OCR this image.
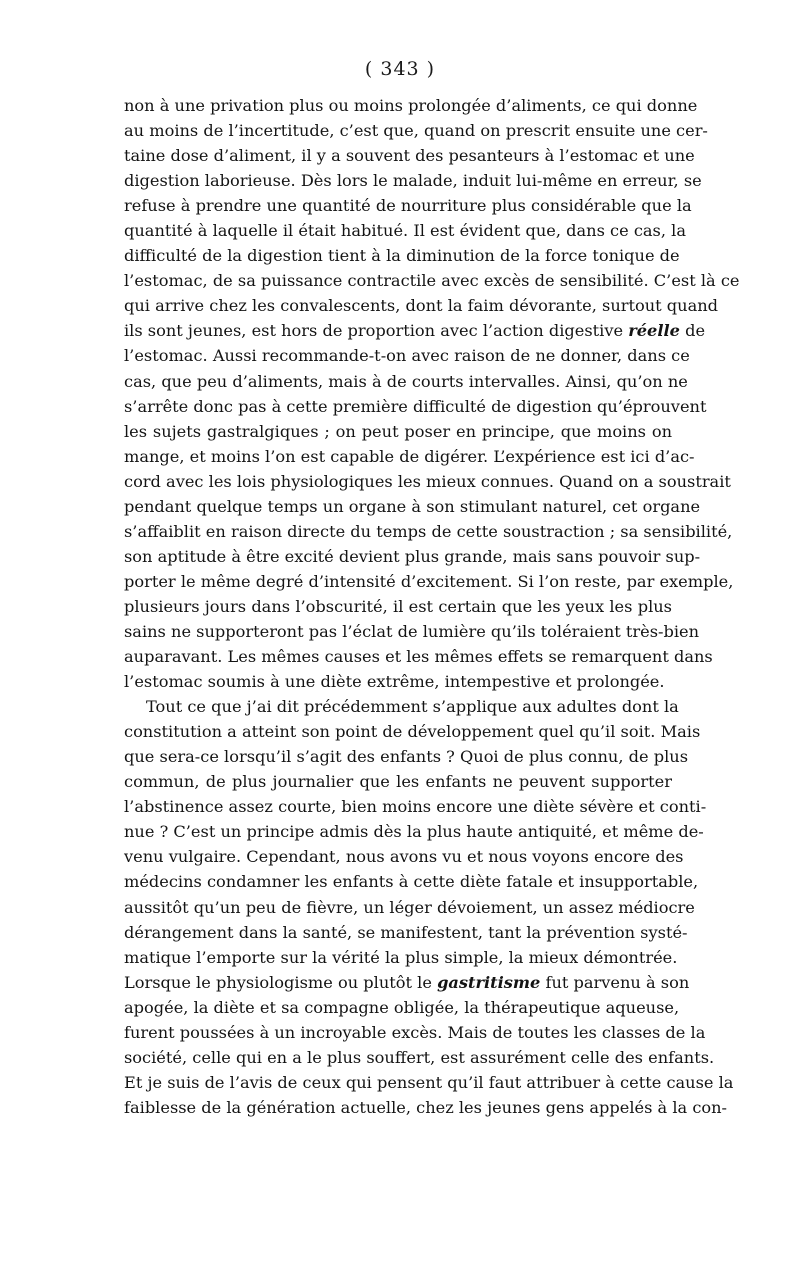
( 343 )
non à une privation plus ou moins prolongée d’aliments, ce qui donne
au moins de l’incertitude, c’est que, quand on prescrit ensuite une cer-
taine dose d’aliment, il y a souvent des pesanteurs à l’estomac et une
digestion laborieuse. Dès lors le malade, induit lui-même en erreur, se
refuse à prendre une quantité de nourriture plus considérable que la
quantité à laquelle il était habitué. Il est évident que, dans ce cas, la
difficulté de la digestion tient à la diminution de la force tonique de
l’estomac, de sa puissance contractile avec excès de sensibilité. C’est là ce
qui arrive chez les convalescents, dont la faim dévorante, surtout quand
ils sont jeunes, est hors de proportion avec l’action digestive réelle de
l’estomac. Aussi recommande-t-on avec raison de ne donner, dans ce
cas, que peu d’aliments, mais à de courts intervalles. Ainsi, qu’on ne
s’arrête donc pas à cette première difficulté de digestion qu’éprouvent
les sujets gastralgiques ; on peut poser en principe, que moins on
mange, et moins l’on est capable de digérer. L’expérience est ici d’ac-
cord avec les lois physiologiques les mieux connues. Quand on a soustrait
pendant quelque temps un organe à son stimulant naturel, cet organe
s’affaiblit en raison directe du temps de cette soustraction ; sa sensibilité,
son aptitude à être excité devient plus grande, mais sans pouvoir sup-
porter le même degré d’intensité d’excitement. Si l’on reste, par exemple,
plusieurs jours dans l’obscurité, il est certain que les yeux les plus
sains ne supporteront pas l’éclat de lumière qu’ils toléraient très-bien
auparavant. Les mêmes causes et les mêmes effets se remarquent dans
l’estomac soumis à une diète extrême, intempestive et prolongée.
Tout ce que j’ai dit précédemment s’applique aux adultes dont la
constitution a atteint son point de développement quel qu’il soit. Mais
que sera-ce lorsqu’il s’agit des enfants ? Quoi de plus connu, de plus
commun, de plus journalier que les enfants ne peuvent supporter
l’abstinence assez courte, bien moins encore une diète sévère et conti-
nue ? C’est un principe admis dès la plus haute antiquité, et même de-
venu vulgaire. Cependant, nous avons vu et nous voyons encore des
médecins condamner les enfants à cette diète fatale et insupportable,
aussitôt qu’un peu de fièvre, un léger dévoiement, un assez médiocre
dérangement dans la santé, se manifestent, tant la prévention systé-
matique l’emporte sur la vérité la plus simple, la mieux démontrée.
Lorsque le physiologisme ou plutôt le gastritisme fut parvenu à son
apogée, la diète et sa compagne obligée, la thérapeutique aqueuse,
furent poussées à un incroyable excès. Mais de toutes les classes de la
société, celle qui en a le plus souffert, est assurément celle des enfants.
Et je suis de l’avis de ceux qui pensent qu’il faut attribuer à cette cause la
faiblesse de la génération actuelle, chez les jeunes gens appelés à la con-
